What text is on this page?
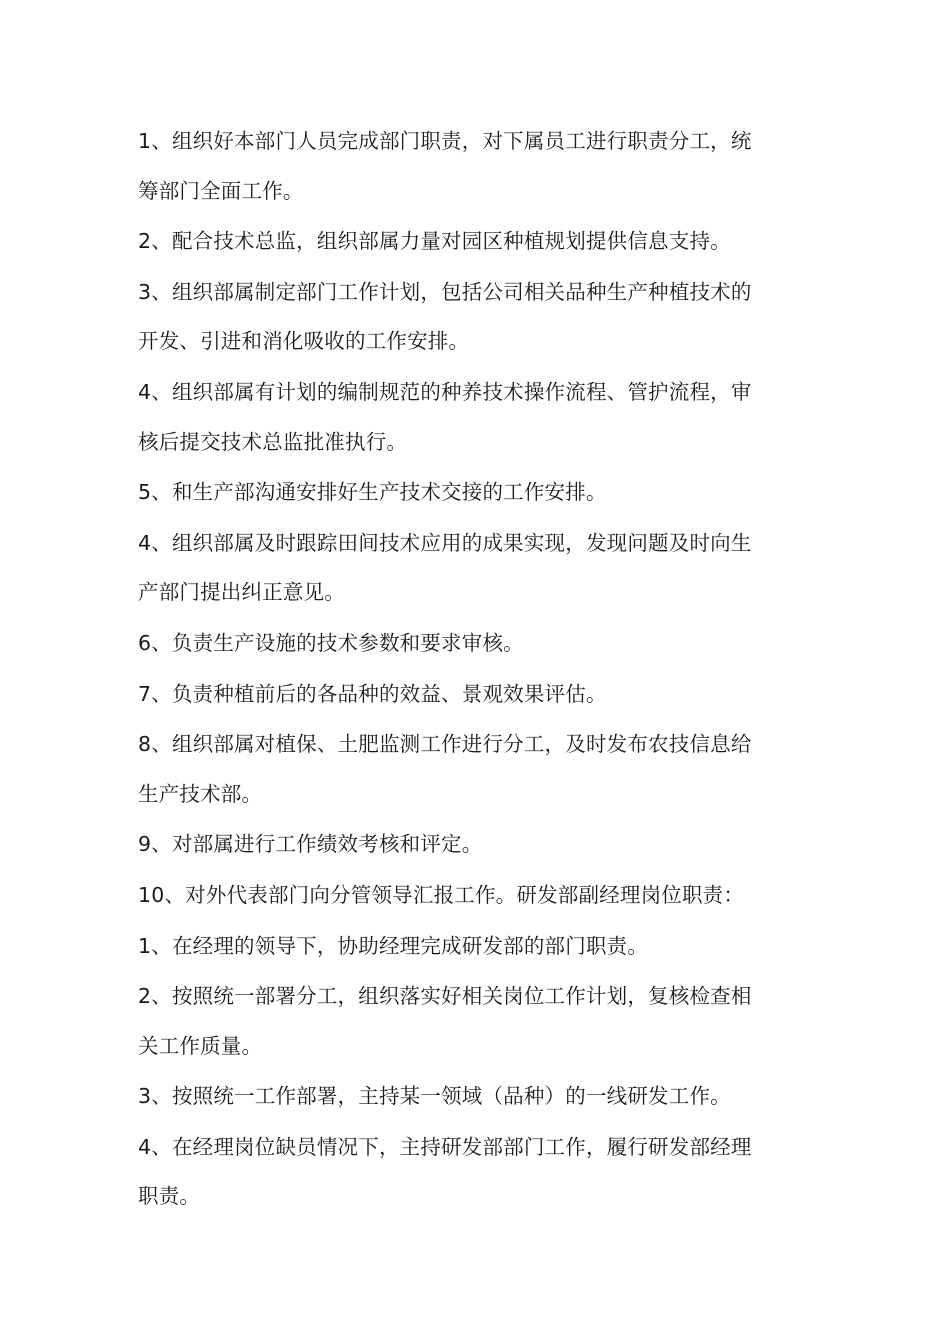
1、组织好本部门人员完成部门职责，对下属员工进行职责分工，统
筹部门全面工作。

2、配合技术总监，组织部属力量对园区种植规划提供信息支持。

3、组织部属制定部门工作计划，包括公司相关品种生产种植技术的
开发、引进和消化吸收的工作安排。

4、组织部属有计划的编制规范的种养技术操作流程、管护流程，审
核后提交技术总监批准执行。

5、和生产部沟通安排好生产技术交接的工作安排。

4、组织部属及时跟踪田间技术应用的成果实现，发现问题及时向生
产部门提出纠正意见。

6、负责生产设施的技术参数和要求审核。

7、负责种植前后的各品种的效益、景观效果评估。

8、组织部属对植保、土肥监测工作进行分工，及时发布农技信息给
生产技术部。

9、对部属进行工作绩效考核和评定。

10、对外代表部门向分管领导汇报工作。研发部副经理岗位职责：

1、在经理的领导下，协助经理完成研发部的部门职责。

2、按照统一部署分工，组织落实好相关岗位工作计划，复核检查相
关工作质量。

3、按照统一工作部署，主持某一领域（品种）的一线研发工作。

4、在经理岗位缺员情况下，主持研发部部门工作，履行研发部经理
职责。
